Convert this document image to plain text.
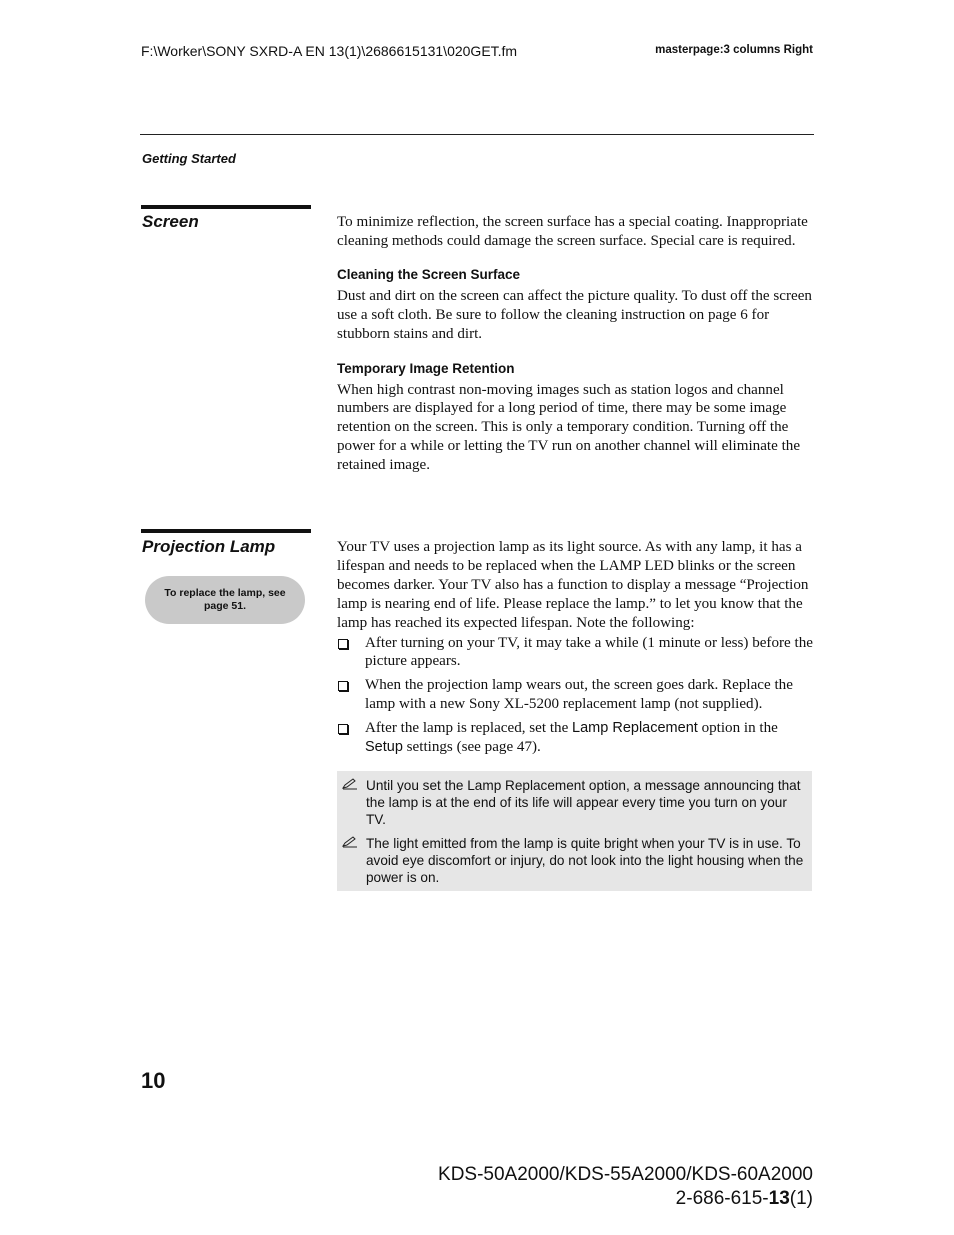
F:\Worker\SONY SXRD-A EN 13(1)\2686615131\020GET.fm	masterpage:3 columns Right
Getting Started
Screen	To minimize reflection, the screen surface has a special coating. Inappropriate cleaning methods could damage the screen surface. Special care is required.

Cleaning the Screen Surface

Dust and dirt on the screen can affect the picture quality. To dust off the screen use a soft cloth. Be sure to follow the cleaning instruction on page 6 for stubborn stains and dirt.

Temporary Image Retention

When high contrast non-moving images such as station logos and channel numbers are displayed for a long period of time, there may be some image retention on the screen. This is only a temporary condition. Turning off the power for a while or letting the TV run on another channel will eliminate the retained image.

Projection Lamp
To replace the lamp, see page 51.

Your TV uses a projection lamp as its light source. As with any lamp, it has a lifespan and needs to be replaced when the LAMP LED blinks or the screen becomes darker. Your TV also has a function to display a message “Projection lamp is nearing end of life. Please replace the lamp.” to let you know that the lamp has reached its expected lifespan. Note the following:

After turning on your TV, it may take a while (1 minute or less) before the picture appears.
When the projection lamp wears out, the screen goes dark. Replace the lamp with a new Sony XL-5200 replacement lamp (not supplied).
After the lamp is replaced, set the Lamp Replacement option in the Setup settings (see page 47).
Until you set the Lamp Replacement option, a message announcing that the lamp is at the end of its life will appear every time you turn on your TV.
The light emitted from the lamp is quite bright when your TV is in use. To avoid eye discomfort or injury, do not look into the light housing when the power is on.
10
KDS-50A2000/KDS-55A2000/KDS-60A2000
2-686-615-13(1)
